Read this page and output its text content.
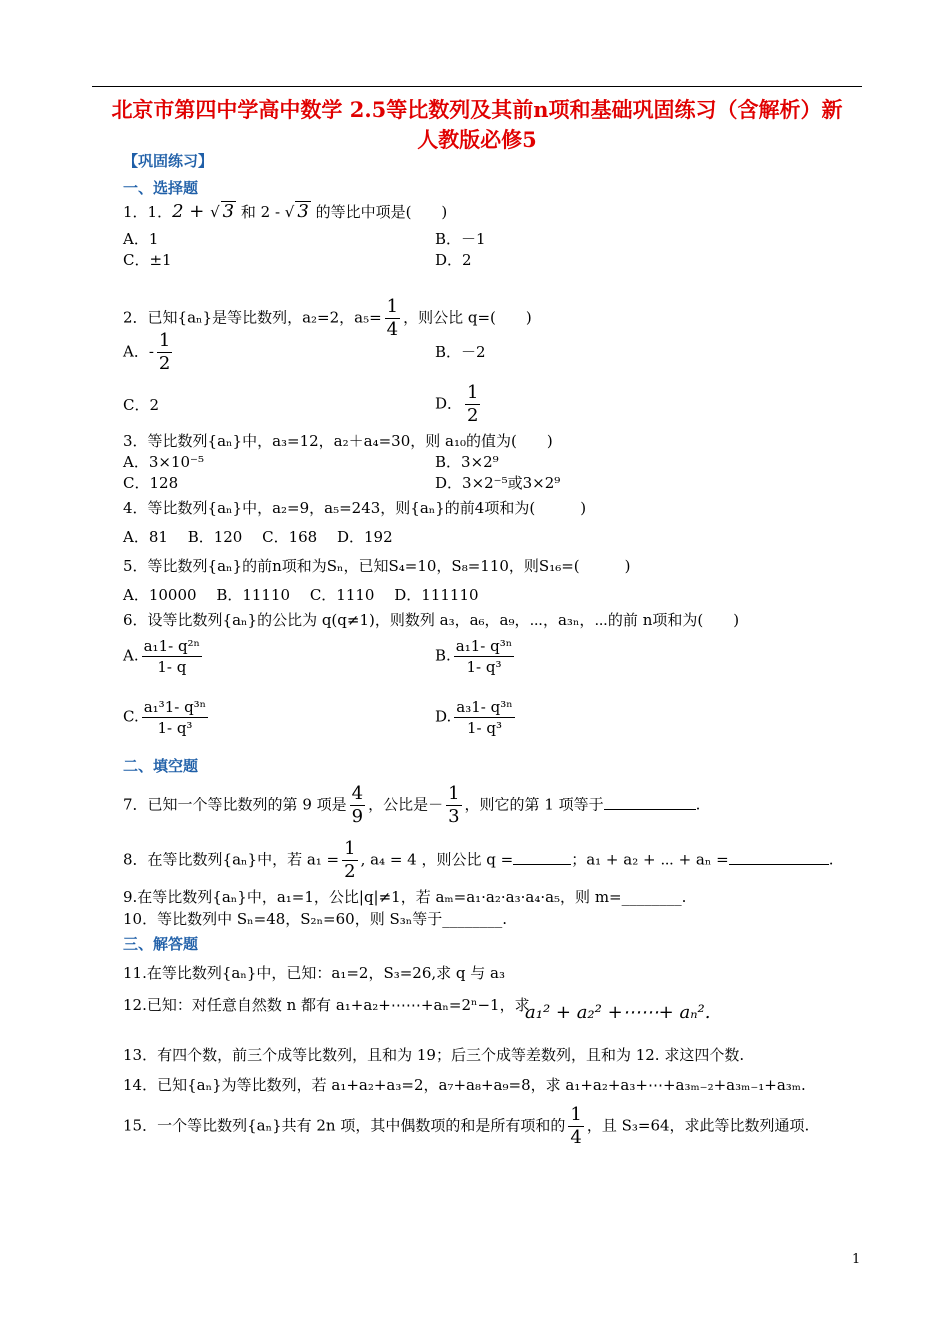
北京市第四中学高中数学 2.5等比数列及其前n项和基础巩固练习（含解析）新
人教版必修5
【巩固练习】
一、选择题
1．1．2 + √ 3 和 2 - √ 3 的等比中项是(　　)
A．1	B．－1
C．±1	D．2
2．已知{aₙ}是等比数列，a₂=2，$a_5= \frac{1}{4}$ ，则公比 q=(　　)
A．- $\frac{1}{2}$	B．－2
C．2	D． $\frac{1}{2}$
3．等比数列{aₙ}中，a₃=12，a₂＋a₄=30，则 a₁₀的值为(　　)
A．3×10⁻⁵	B．3×2⁹
C．128	D．3×2⁻⁵或3×2⁹
4．等比数列{aₙ}中，a₂=9，a₅=243，则{aₙ}的前4项和为(　　　)
A．81　 B．120　 C．168　 D．192
5．等比数列{aₙ}的前n项和为Sₙ，已知S₄=10，S₈=110，则S₁₆=(　　　)
A．10000　 B．11110　 C．1110　 D．111110
6．设等比数列{aₙ}的公比为 q(q≠1)，则数列 a₃，a₆，a₉，⋯，a₃ₙ，⋯的前 n项和为(　　)
A. $\frac{\text{a₁1- q²ⁿ}}{1- q}$	B. $\frac{\text{a₁1- q³ⁿ}}{\text{1- q³}}$
C. $\frac{\text{a₁³1- q³ⁿ}}{\text{1- q³}}$	D. $\frac{\text{a₃1- q³ⁿ}}{\text{1- q³}}$
二、填空题
7．已知一个等比数列的第 9 项是 $\frac{4}{9}$ ，公比是－ $\frac{1}{3}$ ，则它的第 1 项等于	.
8．在等比数列{aₙ}中，若 $a_1 = \frac{1}{2}$ , a₄ = 4 ，则公比 q =	；a₁ + a₂ + ⋯ + aₙ =	.
9.在等比数列{aₙ}中，a₁=1，公比|q|≠1，若 aₘ=a₁·a₂·a₃·a₄·a₅，则 m=________.
10．等比数列中 Sₙ=48，S₂ₙ=60，则 S₃ₙ等于________.
三、解答题
11.在等比数列{aₙ}中，已知：a₁=2，S₃=26,求 q 与 a₃
12.已知：对任意自然数 n 都有 a₁+a₂+⋯⋯+aₙ=2ⁿ−1，求
a₁² + a₂² +⋯⋯+ aₙ².
13．有四个数，前三个成等比数列，且和为 19；后三个成等差数列，且和为 12. 求这四个数.
14．已知{aₙ}为等比数列，若 a₁+a₂+a₃=2，a₇+a₈+a₉=8，求 a₁+a₂+a₃+⋯+a₃ₘ₋₂+a₃ₘ₋₁+a₃ₘ.
15．一个等比数列{aₙ}共有 2n 项，其中偶数项的和是所有项和的 $\frac{1}{4}$ ，且 S₃=64，求此等比数列通项.
1
